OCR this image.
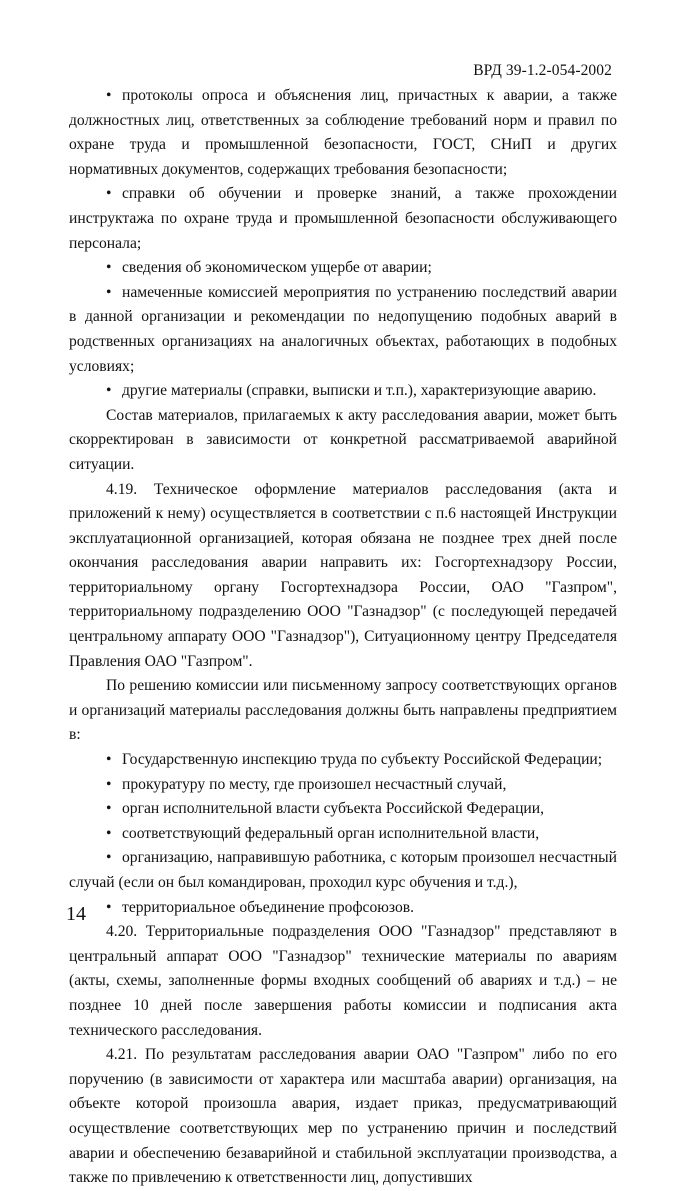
ВРД 39-1.2-054-2002

• протоколы опроса и объяснения лиц, причастных к аварии, а также должностных лиц, ответственных за соблюдение требований норм и правил по охране труда и промышленной безопасности, ГОСТ, СНиП и других нормативных документов, содержащих требования безопасности;

• справки об обучении и проверке знаний, а также прохождении инструктажа по охране труда и промышленной безопасности обслуживающего персонала;

• сведения об экономическом ущербе от аварии;

• намеченные комиссией мероприятия по устранению последствий аварии в данной организации и рекомендации по недопущению подобных аварий в родственных организациях на аналогичных объектах, работающих в подобных условиях;

• другие материалы (справки, выписки и т.п.), характеризующие аварию.

Состав материалов, прилагаемых к акту расследования аварии, может быть скорректирован в зависимости от конкретной рассматриваемой аварийной ситуации.

4.19. Техническое оформление материалов расследования (акта и приложений к нему) осуществляется в соответствии с п.6 настоящей Инструкции эксплуатационной организацией, которая обязана не позднее трех дней после окончания расследования аварии направить их: Госгортехнадзору России, территориальному органу Госгортехнадзора России, ОАО "Газпром", территориальному подразделению ООО "Газнадзор" (с последующей передачей центральному аппарату ООО "Газнадзор"), Ситуационному центру Председателя Правления ОАО "Газпром".

По решению комиссии или письменному запросу соответствующих органов и организаций материалы расследования должны быть направлены предприятием в:

• Государственную инспекцию труда по субъекту Российской Федерации;

• прокуратуру по месту, где произошел несчастный случай,

• орган исполнительной власти субъекта Российской Федерации,

• соответствующий федеральный орган исполнительной власти,

• организацию, направившую работника, с которым произошел несчастный случай (если он был командирован, проходил курс обучения и т.д.),

• территориальное объединение профсоюзов.

4.20. Территориальные подразделения ООО "Газнадзор" представляют в центральный аппарат ООО "Газнадзор" технические материалы по авариям (акты, схемы, заполненные формы входных сообщений об авариях и т.д.) – не позднее 10 дней после завершения работы комиссии и подписания акта технического расследования.

4.21. По результатам расследования аварии ОАО "Газпром" либо по его поручению (в зависимости от характера или масштаба аварии) организация, на объекте которой произошла авария, издает приказ, предусматривающий осуществление соответствующих мер по устранению причин и последствий аварии и обеспечению безаварийной и стабильной эксплуатации производства, а также по привлечению к ответственности лиц, допустивших

14
